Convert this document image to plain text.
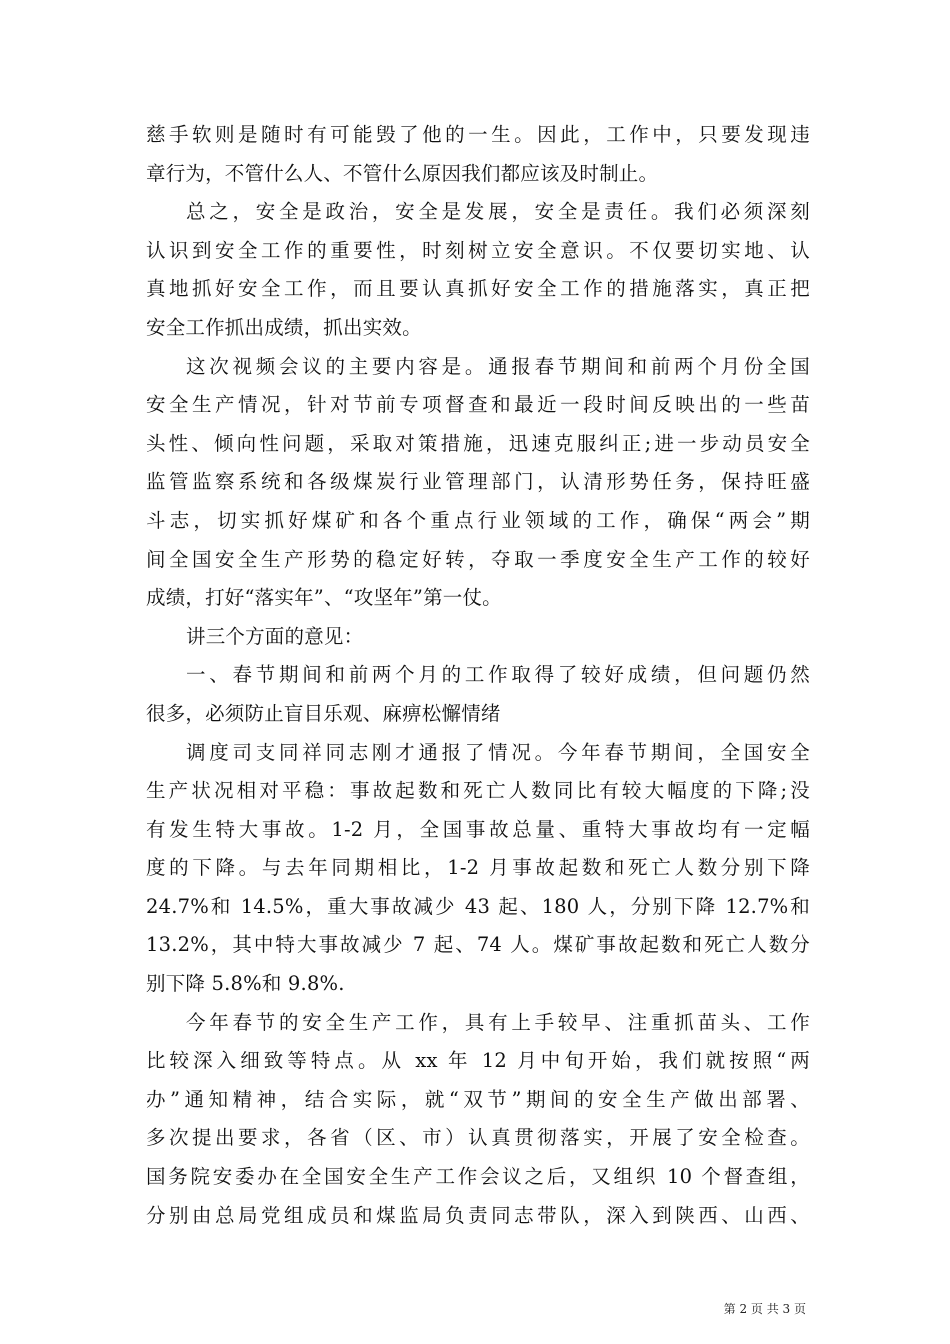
慈手软则是随时有可能毁了他的一生。因此，工作中，只要发现违
章行为，不管什么人、不管什么原因我们都应该及时制止。
总之，安全是政治，安全是发展，安全是责任。我们必须深刻
认识到安全工作的重要性，时刻树立安全意识。不仅要切实地、认
真地抓好安全工作，而且要认真抓好安全工作的措施落实，真正把
安全工作抓出成绩，抓出实效。
这次视频会议的主要内容是。通报春节期间和前两个月份全国
安全生产情况，针对节前专项督查和最近一段时间反映出的一些苗
头性、倾向性问题，采取对策措施，迅速克服纠正;进一步动员安全
监管监察系统和各级煤炭行业管理部门，认清形势任务，保持旺盛
斗志，切实抓好煤矿和各个重点行业领域的工作，确保“两会”期
间全国安全生产形势的稳定好转，夺取一季度安全生产工作的较好
成绩，打好“落实年”、“攻坚年”第一仗。
讲三个方面的意见：
一、春节期间和前两个月的工作取得了较好成绩，但问题仍然
很多，必须防止盲目乐观、麻痹松懈情绪
调度司支同祥同志刚才通报了情况。今年春节期间，全国安全
生产状况相对平稳：事故起数和死亡人数同比有较大幅度的下降;没
有发生特大事故。1-2 月，全国事故总量、重特大事故均有一定幅
度的下降。与去年同期相比，1-2 月事故起数和死亡人数分别下降
24.7%和 14.5%，重大事故减少 43 起、180 人，分别下降 12.7%和
13.2%，其中特大事故减少 7 起、74 人。煤矿事故起数和死亡人数分
别下降 5.8%和 9.8%.
今年春节的安全生产工作，具有上手较早、注重抓苗头、工作
比较深入细致等特点。从 xx 年 12 月中旬开始，我们就按照“两
办”通知精神，结合实际，就“双节”期间的安全生产做出部署、
多次提出要求，各省（区、市）认真贯彻落实，开展了安全检查。
国务院安委办在全国安全生产工作会议之后，又组织 10 个督查组，
分别由总局党组成员和煤监局负责同志带队，深入到陕西、山西、
第 2 页 共 3 页
